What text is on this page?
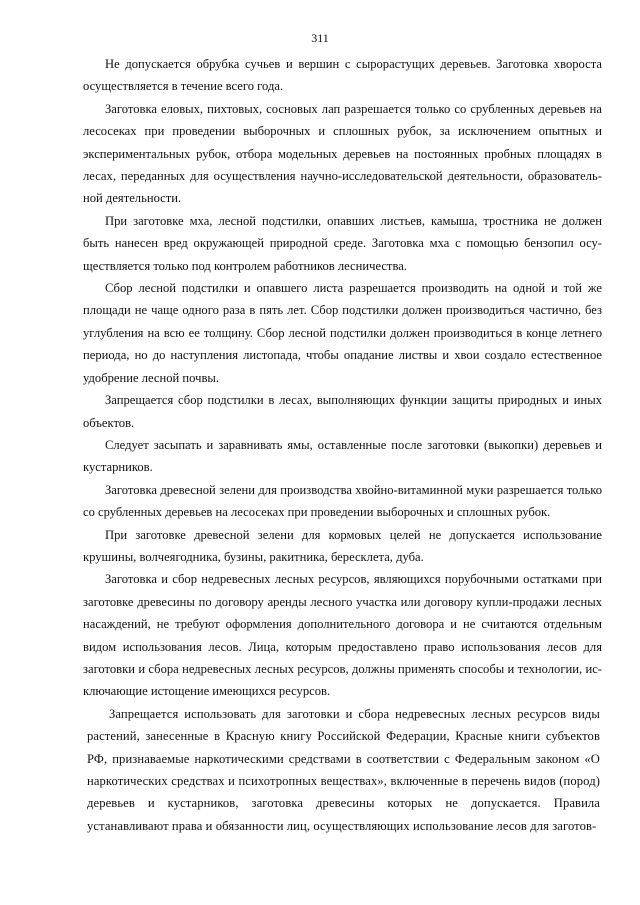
311

Не допускается обрубка сучьев и вершин с сырорастущих деревьев. Заготовка хвороста осуществляется в течение всего года.

Заготовка еловых, пихтовых, сосновых лап разрешается только со срубленных деревьев на лесосеках при проведении выборочных и сплошных рубок, за исключением опытных и экспериментальных рубок, отбора модельных деревьев на постоянных пробных площадях в лесах, переданных для осуществления научно-исследовательской деятельности, образовательной деятельности.

При заготовке мха, лесной подстилки, опавших листьев, камыша, тростника не должен быть нанесен вред окружающей природной среде. Заготовка мха с помощью бензопил осуществляется только под контролем работников лесничества.

Сбор лесной подстилки и опавшего листа разрешается производить на одной и той же площади не чаще одного раза в пять лет. Сбор подстилки должен производиться частично, без углубления на всю ее толщину. Сбор лесной подстилки должен производиться в конце летнего периода, но до наступления листопада, чтобы опадание листвы и хвои создало естественное удобрение лесной почвы.

Запрещается сбор подстилки в лесах, выполняющих функции защиты природных и иных объектов.

Следует засыпать и заравнивать ямы, оставленные после заготовки (выкопки) деревьев и кустарников.

Заготовка древесной зелени для производства хвойно-витаминной муки разрешается только со срубленных деревьев на лесосеках при проведении выборочных и сплошных рубок.

При заготовке древесной зелени для кормовых целей не допускается использование крушины, волчеягодника, бузины, ракитника, бересклета, дуба.

Заготовка и сбор недревесных лесных ресурсов, являющихся порубочными остатками при заготовке древесины по договору аренды лесного участка или договору купли-продажи лесных насаждений, не требуют оформления дополнительного договора и не считаются отдельным видом использования лесов. Лица, которым предоставлено право использования лесов для заготовки и сбора недревесных лесных ресурсов, должны применять способы и технологии, исключающие истощение имеющихся ресурсов.

Запрещается использовать для заготовки и сбора недревесных лесных ресурсов виды растений, занесенные в Красную книгу Российской Федерации, Красные книги субъектов РФ, признаваемые наркотическими средствами в соответствии с Федеральным законом «О наркотических средствах и психотропных веществах», включенные в перечень видов (пород) деревьев и кустарников, заготовка древесины которых не допускается. Правила устанавливают права и обязанности лиц, осуществляющих использование лесов для заготов-
